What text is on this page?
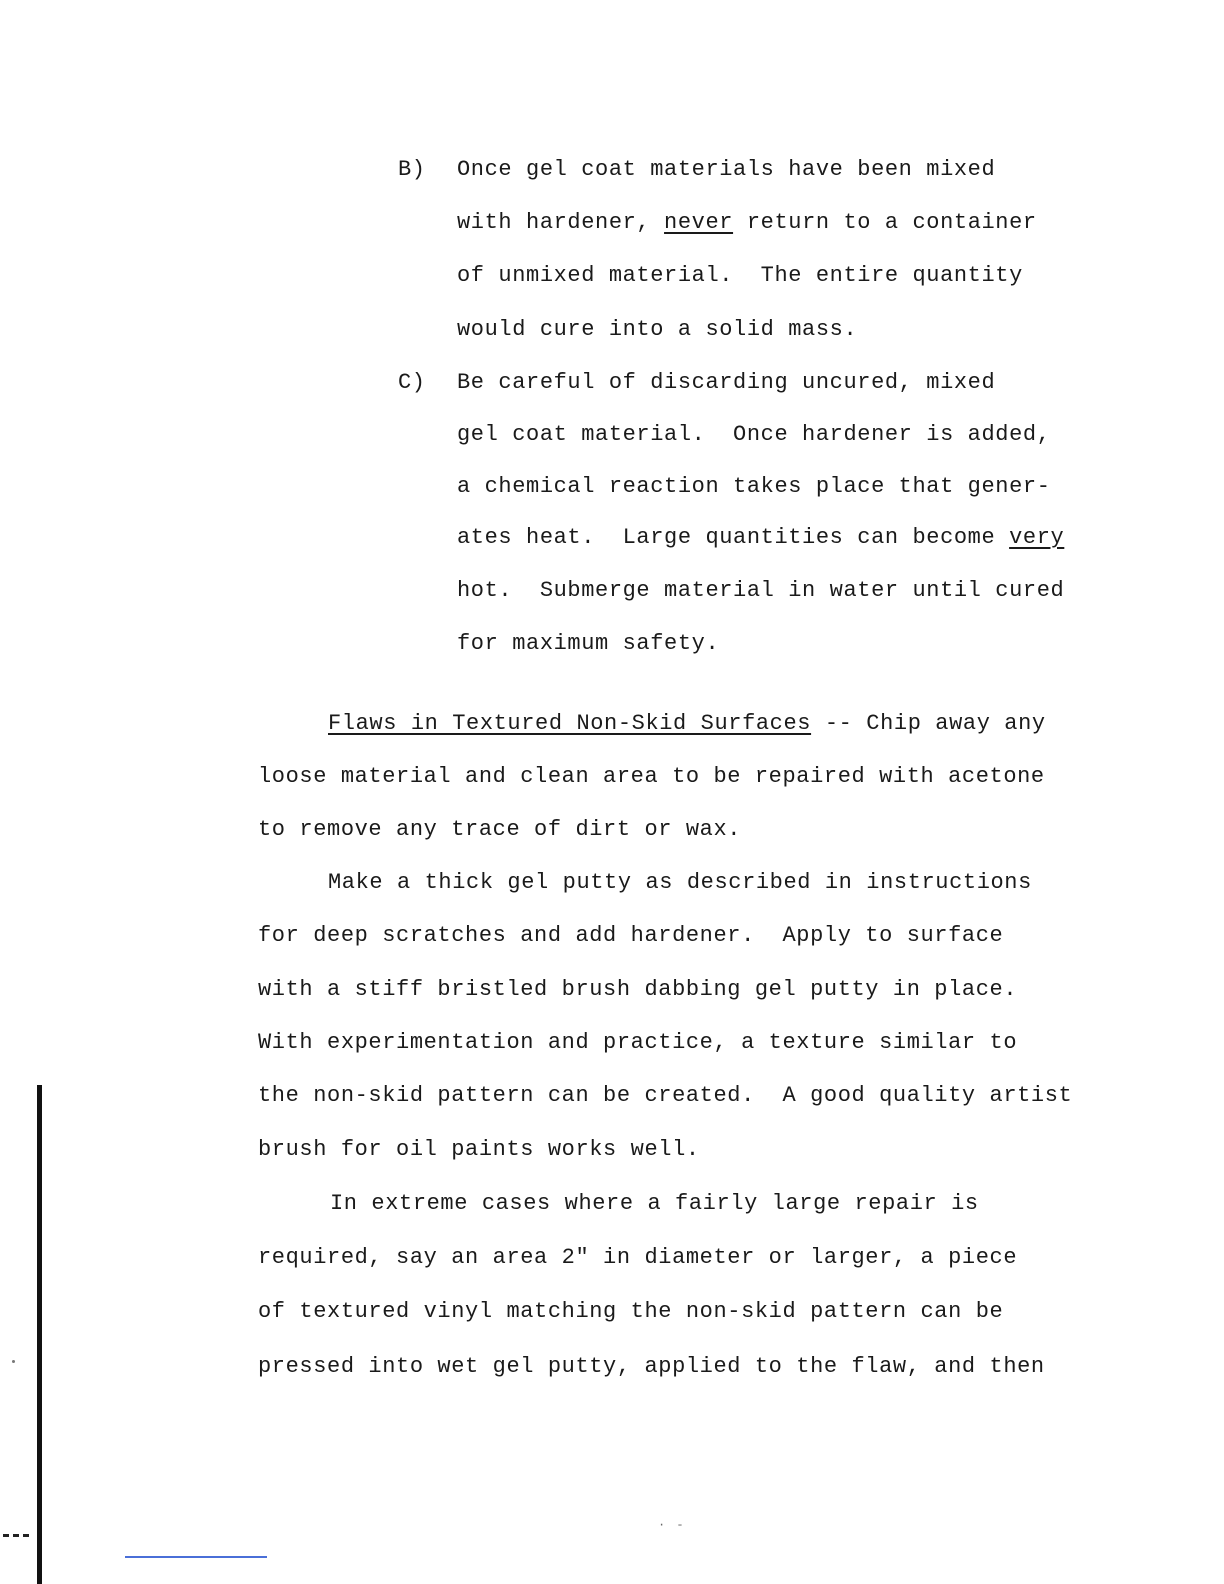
B) Once gel coat materials have been mixed
with hardener, never return to a container
of unmixed material.  The entire quantity
would cure into a solid mass.
C) Be careful of discarding uncured, mixed
gel coat material.  Once hardener is added,
a chemical reaction takes place that gener-
ates heat.  Large quantities can become very
hot.  Submerge material in water until cured
for maximum safety.
Flaws in Textured Non-Skid Surfaces -- Chip away any
loose material and clean area to be repaired with acetone
to remove any trace of dirt or wax.
Make a thick gel putty as described in instructions
for deep scratches and add hardener.  Apply to surface
with a stiff bristled brush dabbing gel putty in place.
With experimentation and practice, a texture similar to
the non-skid pattern can be created.  A good quality artist
brush for oil paints works well.
In extreme cases where a fairly large repair is
required, say an area 2" in diameter or larger, a piece
of textured vinyl matching the non-skid pattern can be
pressed into wet gel putty, applied to the flaw, and then
· -
